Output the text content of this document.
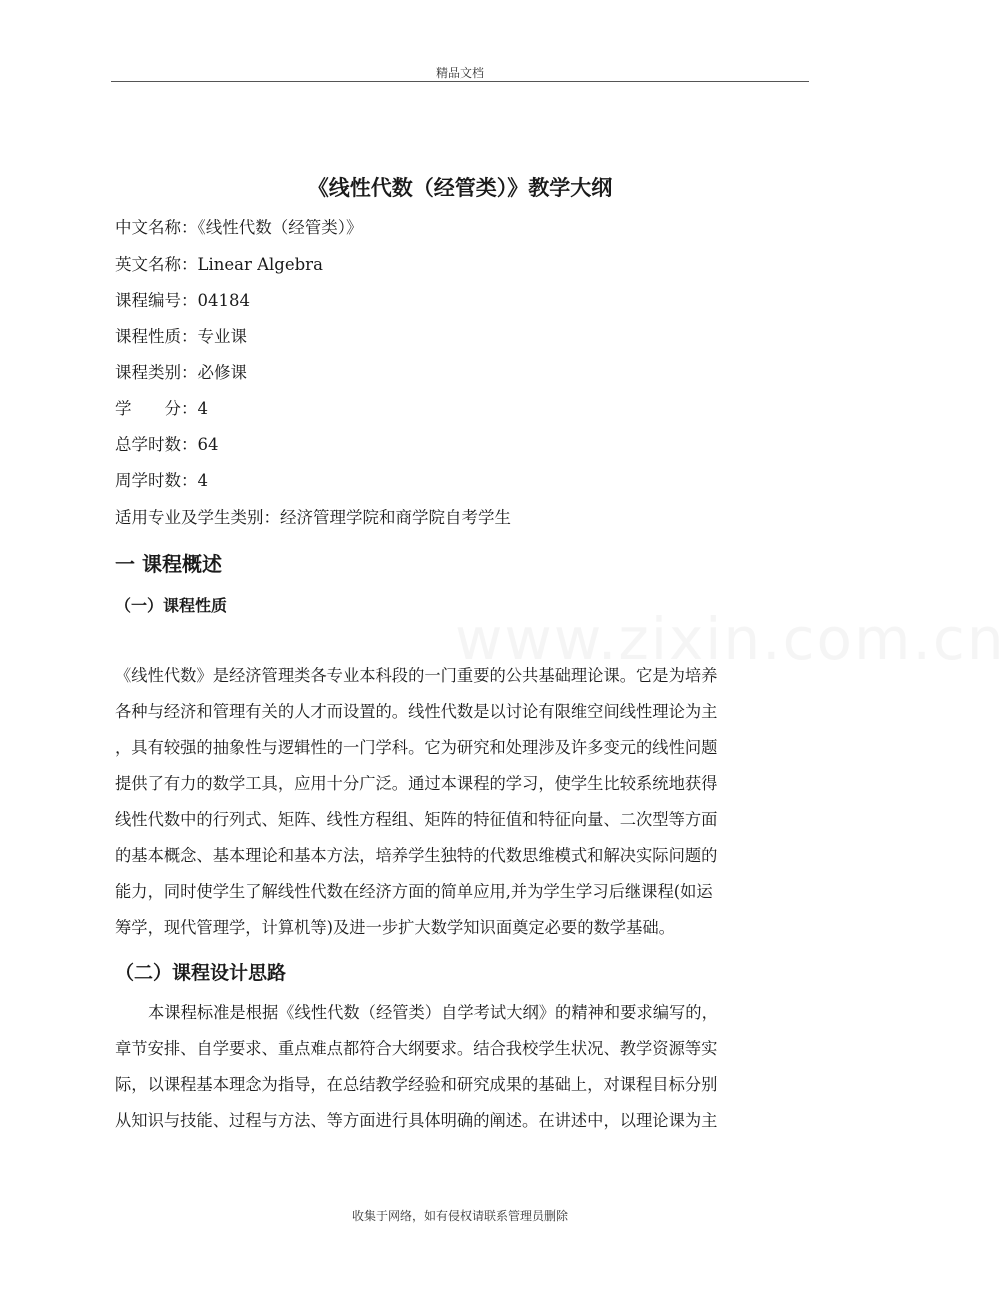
精品文档
www.zixin.com.cn
《线性代数（经管类）》教学大纲
中文名称：《线性代数（经管类）》
英文名称：Linear Algebra
课程编号：04184
课程性质：专业课
课程类别：必修课
学　　分：4
总学时数：64
周学时数：4
适用专业及学生类别：经济管理学院和商学院自考学生
一 课程概述
（一）课程性质
《线性代数》是经济管理类各专业本科段的一门重要的公共基础理论课。它是为培养
各种与经济和管理有关的人才而设置的。线性代数是以讨论有限维空间线性理论为主
，具有较强的抽象性与逻辑性的一门学科。它为研究和处理涉及许多变元的线性问题
提供了有力的数学工具，应用十分广泛。通过本课程的学习，使学生比较系统地获得
线性代数中的行列式、矩阵、线性方程组、矩阵的特征值和特征向量、二次型等方面
的基本概念、基本理论和基本方法，培养学生独特的代数思维模式和解决实际问题的
能力，同时使学生了解线性代数在经济方面的简单应用,并为学生学习后继课程(如运
筹学，现代管理学，计算机等)及进一步扩大数学知识面奠定必要的数学基础。
（二）课程设计思路
本课程标准是根据《线性代数（经管类）自学考试大纲》的精神和要求编写的，
章节安排、自学要求、重点难点都符合大纲要求。结合我校学生状况、教学资源等实
际，以课程基本理念为指导，在总结教学经验和研究成果的基础上，对课程目标分别
从知识与技能、过程与方法、等方面进行具体明确的阐述。在讲述中，以理论课为主
收集于网络，如有侵权请联系管理员删除
